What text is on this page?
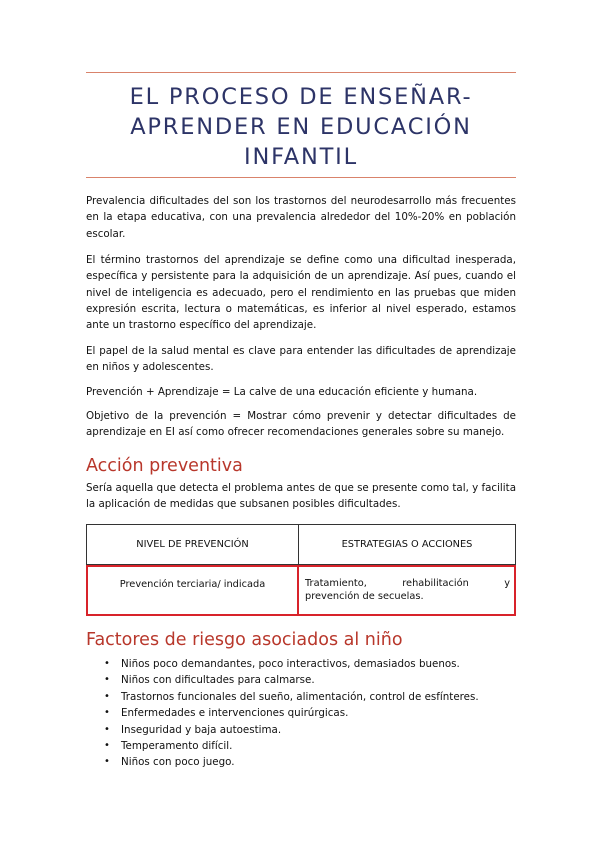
EL PROCESO DE ENSEÑAR-
APRENDER EN EDUCACIÓN
INFANTIL

Prevalencia dificultades del son los trastornos del neurodesarrollo más frecuentes en la etapa educativa, con una prevalencia alrededor del 10%-20% en población escolar.

El término trastornos del aprendizaje se define como una dificultad inesperada, específica y persistente para la adquisición de un aprendizaje. Así pues, cuando el nivel de inteligencia es adecuado, pero el rendimiento en las pruebas que miden expresión escrita, lectura o matemáticas, es inferior al nivel esperado, estamos ante un trastorno específico del aprendizaje.

El papel de la salud mental es clave para entender las dificultades de aprendizaje en niños y adolescentes.

Prevención + Aprendizaje = La calve de una educación eficiente y humana.

Objetivo de la prevención = Mostrar cómo prevenir y detectar dificultades de aprendizaje en EI así como ofrecer recomendaciones generales sobre su manejo.

Acción preventiva

Sería aquella que detecta el problema antes de que se presente como tal, y facilita la aplicación de medidas que subsanen posibles dificultades.

NIVEL DE PREVENCIÓN	ESTRATEGIAS O ACCIONES
Prevención terciaria/ indicada	Tratamiento, rehabilitación y
prevención de secuelas.
Factores de riesgo asociados al niño
• Niños poco demandantes, poco interactivos, demasiados buenos.
• Niños con dificultades para calmarse.
• Trastornos funcionales del sueño, alimentación, control de esfínteres.
• Enfermedades e intervenciones quirúrgicas.
• Inseguridad y baja autoestima.
• Temperamento difícil.
• Niños con poco juego.
